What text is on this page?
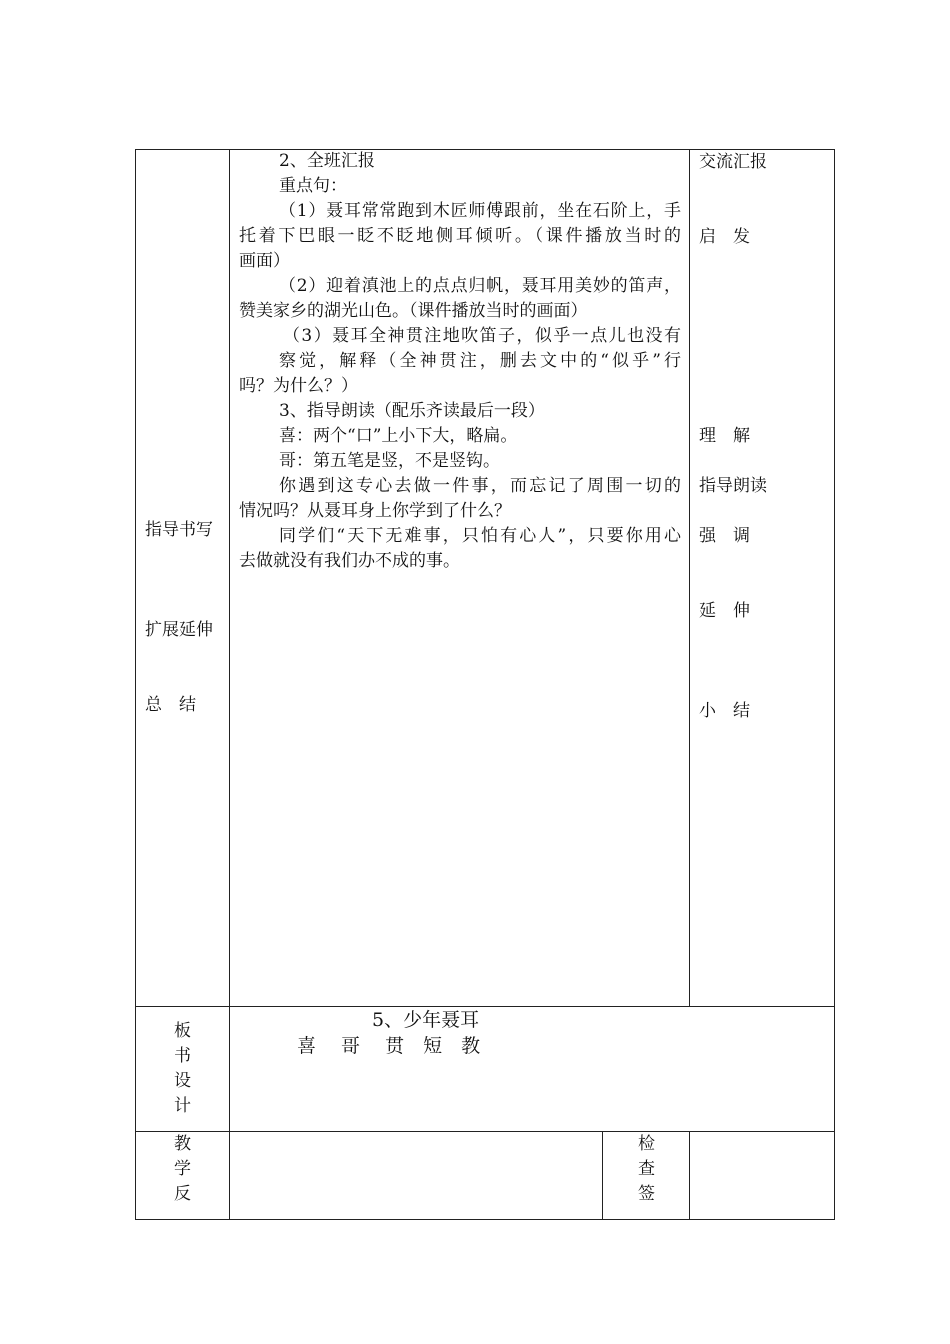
指导书写
扩展延伸
总　结
板
书
设
计
教
学
反

2、全班汇报

重点句：

（1）聂耳常常跑到木匠师傅跟前，坐在石阶上，手

托着下巴眼一眨不眨地侧耳倾听。（课件播放当时的

画面）

（2）迎着滇池上的点点归帆，聂耳用美妙的笛声，

赞美家乡的湖光山色。（课件播放当时的画面）

（3）聂耳全神贯注地吹笛子，似乎一点儿也没有

察觉，解释（全神贯注，删去文中的“似乎”行

吗？为什么？）

3、指导朗读（配乐齐读最后一段）

喜：两个“口”上小下大，略扁。

哥：第五笔是竖，不是竖钩。

你遇到这专心去做一件事，而忘记了周围一切的

情况吗？从聂耳身上你学到了什么？

同学们“天下无难事，只怕有心人”，只要你用心

去做就没有我们办不成的事。

交流汇报
启　发
理　解
指导朗读
强　调
延　伸
小　结
5、少年聂耳
喜　 哥　 贯　短　教
检
查
签
